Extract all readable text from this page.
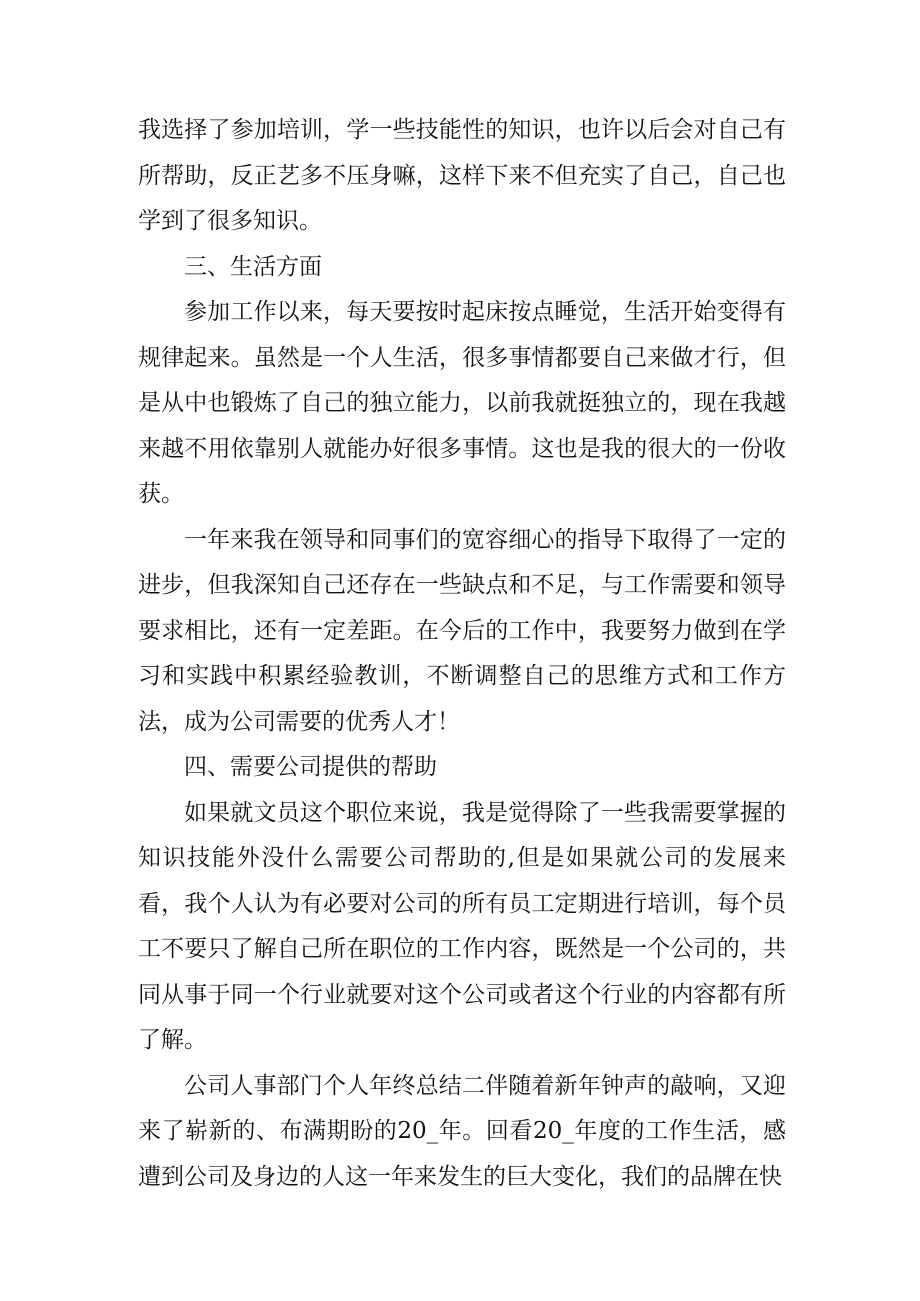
我选择了参加培训，学一些技能性的知识，也许以后会对自己有所帮助，反正艺多不压身嘛，这样下来不但充实了自己，自己也学到了很多知识。

三、生活方面

参加工作以来，每天要按时起床按点睡觉，生活开始变得有规律起来。虽然是一个人生活，很多事情都要自己来做才行，但是从中也锻炼了自己的独立能力，以前我就挺独立的，现在我越来越不用依靠别人就能办好很多事情。这也是我的很大的一份收获。

一年来我在领导和同事们的宽容细心的指导下取得了一定的进步，但我深知自己还存在一些缺点和不足，与工作需要和领导要求相比，还有一定差距。在今后的工作中，我要努力做到在学习和实践中积累经验教训，不断调整自己的思维方式和工作方法，成为公司需要的优秀人才！

四、需要公司提供的帮助

如果就文员这个职位来说，我是觉得除了一些我需要掌握的知识技能外没什么需要公司帮助的,但是如果就公司的发展来看，我个人认为有必要对公司的所有员工定期进行培训，每个员工不要只了解自己所在职位的工作内容，既然是一个公司的，共同从事于同一个行业就要对这个公司或者这个行业的内容都有所了解。

公司人事部门个人年终总结二伴随着新年钟声的敲响，又迎来了崭新的、布满期盼的20_年。回看20_年度的工作生活，感遭到公司及身边的人这一年来发生的巨大变化，我们的品牌在快
